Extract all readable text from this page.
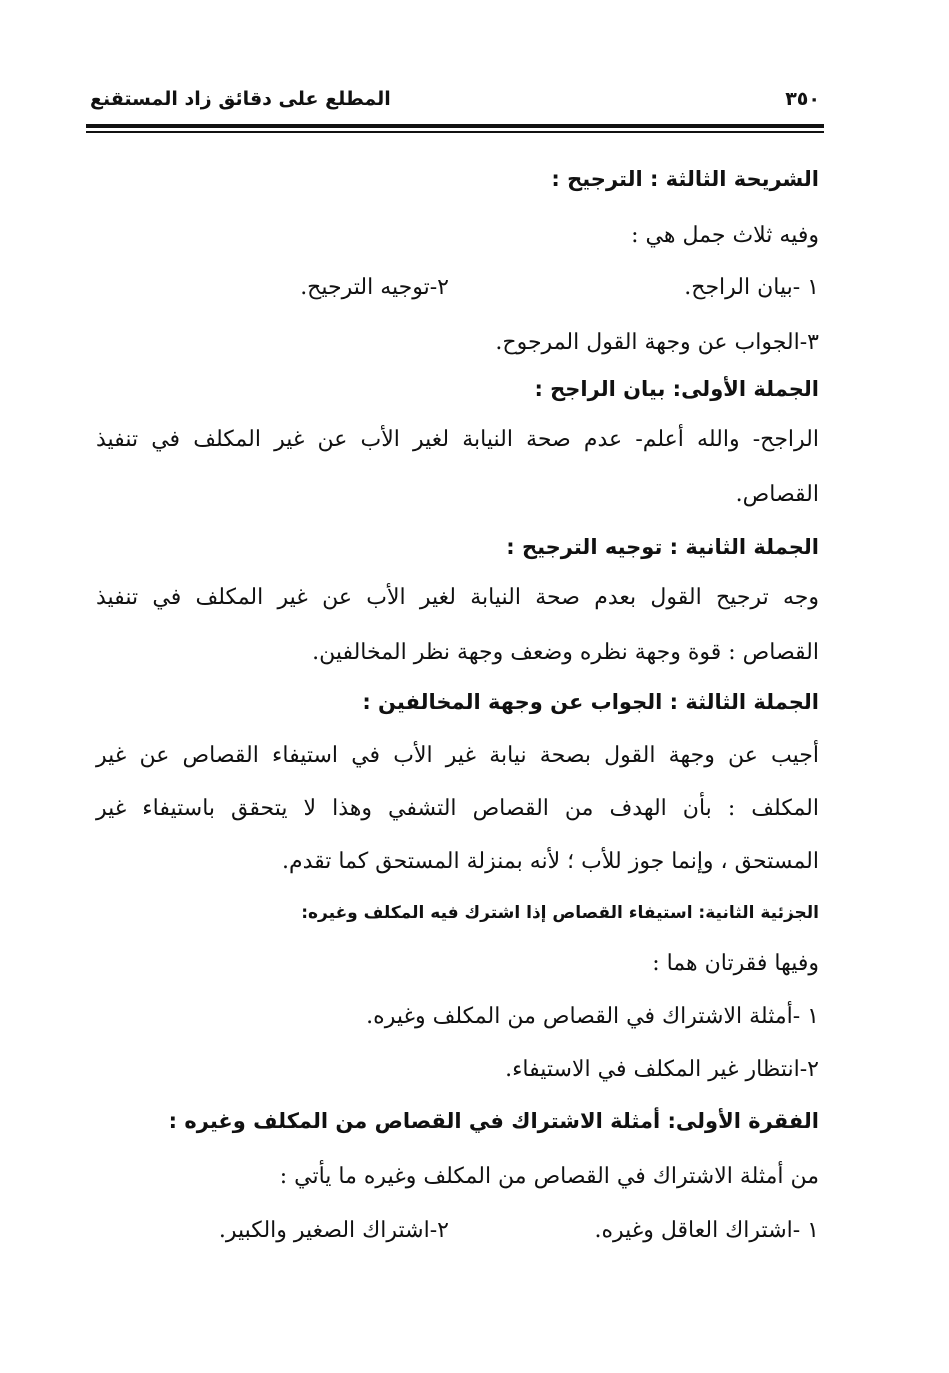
٣٥٠
المطلع على دقائق زاد المستقنع
الشريحة الثالثة : الترجيح :
وفيه ثلاث جمل هي :
١ -بيان الراجح.
٢-توجيه الترجيح.
٣-الجواب عن وجهة القول المرجوح.
الجملة الأولى: بيان الراجح :
الراجح- والله أعلم- عدم صحة النيابة لغير الأب عن غير المكلف في تنفيذ
القصاص.
الجملة الثانية : توجيه الترجيح :
وجه ترجيح القول بعدم صحة النيابة لغير الأب عن غير المكلف في تنفيذ
القصاص : قوة وجهة نظره وضعف وجهة نظر المخالفين.
الجملة الثالثة : الجواب عن وجهة المخالفين :
أجيب عن وجهة القول بصحة نيابة غير الأب في استيفاء القصاص عن غير
المكلف : بأن الهدف من القصاص التشفي وهذا لا يتحقق باستيفاء غير
المستحق ، وإنما جوز للأب ؛ لأنه بمنزلة المستحق كما تقدم.
الجزئية الثانية: استيفاء القصاص إذا اشترك فيه المكلف وغيره:
وفيها فقرتان هما :
١ -أمثلة الاشتراك في القصاص من المكلف وغيره.
٢-انتظار غير المكلف في الاستيفاء.
الفقرة الأولى: أمثلة الاشتراك في القصاص من المكلف وغيره :
من أمثلة الاشتراك في القصاص من المكلف وغيره ما يأتي :
١ -اشتراك العاقل وغيره.
٢-اشتراك الصغير والكبير.
